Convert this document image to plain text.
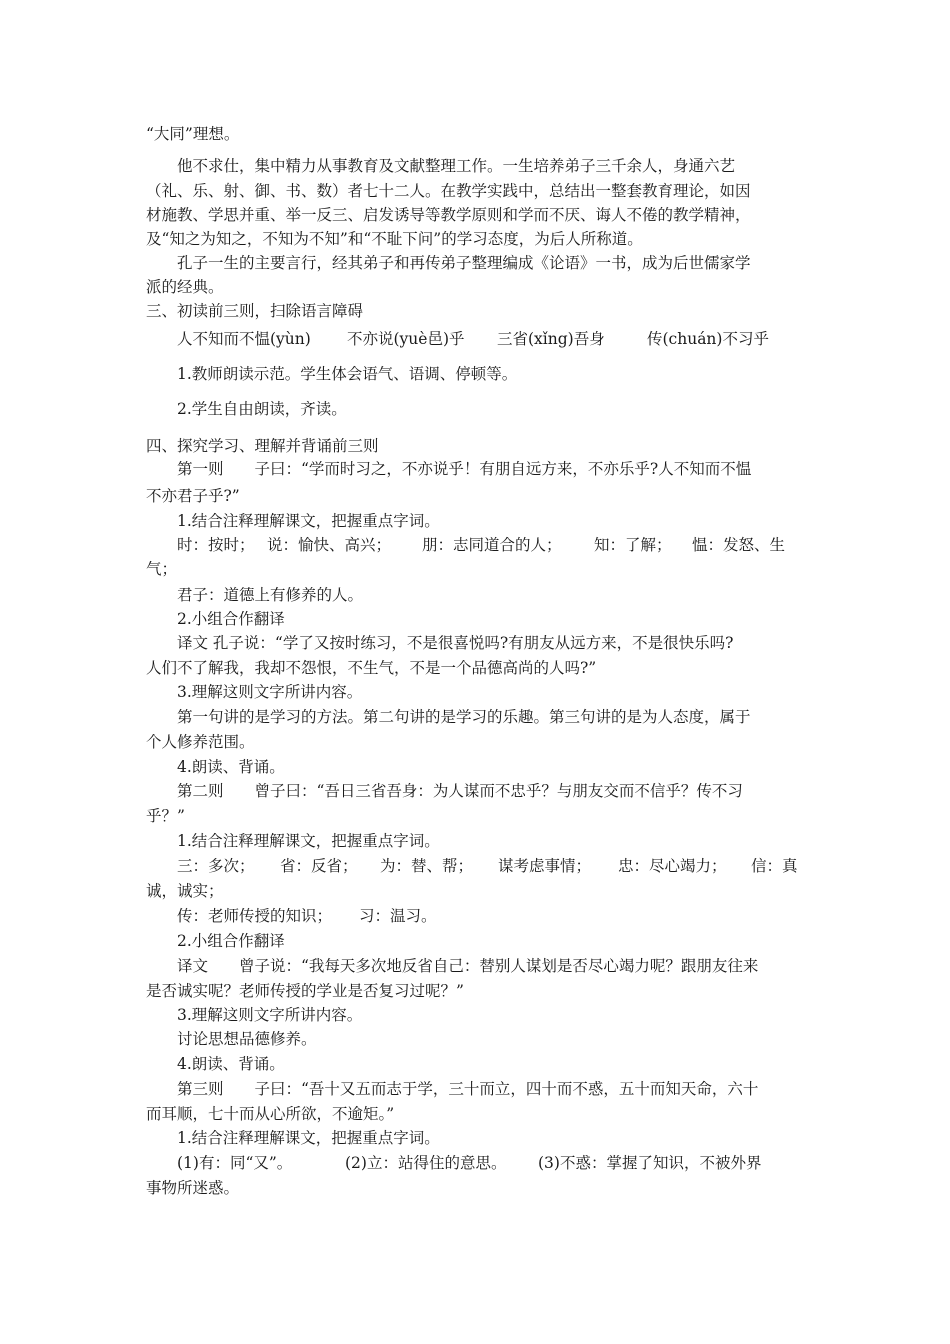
“大同”理想。
他不求仕，集中精力从事教育及文献整理工作。一生培养弟子三千余人，身通六艺
（礼、乐、射、御、书、数）者七十二人。在教学实践中，总结出一整套教育理论，如因
材施教、学思并重、举一反三、启发诱导等教学原则和学而不厌、诲人不倦的教学精神，
及“知之为知之，不知为不知”和“不耻下问”的学习态度，为后人所称道。
孔子一生的主要言行，经其弟子和再传弟子整理编成《论语》一书，成为后世儒家学
派的经典。
三、初读前三则，扫除语言障碍
人不知而不愠(yùn) 不亦说(yuè邑)乎 三省(xǐng)吾身	传(chuán)不习乎
1.教师朗读示范。学生体会语气、语调、停顿等。
2.学生自由朗读，齐读。
四、探究学习、理解并背诵前三则
第一则　　子曰：“学而时习之，不亦说乎！有朋自远方来，不亦乐乎?人不知而不愠
不亦君子乎?”
1.结合注释理解课文，把握重点字词。
时：按时； 说：愉快、高兴； 朋：志同道合的人； 知：了解； 愠：发怒、生
气；
君子：道德上有修养的人。
2.小组合作翻译
译文 孔子说：“学了又按时练习，不是很喜悦吗?有朋友从远方来，不是很快乐吗?
人们不了解我，我却不怨恨，不生气，不是一个品德高尚的人吗?”
3.理解这则文字所讲内容。
第一句讲的是学习的方法。第二句讲的是学习的乐趣。第三句讲的是为人态度，属于
个人修养范围。
4.朗读、背诵。
第二则　　曾子曰：“吾日三省吾身：为人谋而不忠乎？与朋友交而不信乎？传不习
乎？”
1.结合注释理解课文，把握重点字词。
三：多次； 省：反省； 为：替、帮； 谋考虑事情； 忠：尽心竭力； 信：真
诚，诚实；
传：老师传授的知识； 习：温习。
2.小组合作翻译
译文　　曾子说：“我每天多次地反省自己：替别人谋划是否尽心竭力呢？跟朋友往来
是否诚实呢？老师传授的学业是否复习过呢？”
3.理解这则文字所讲内容。
讨论思想品德修养。
4.朗读、背诵。
第三则　　子曰：“吾十又五而志于学，三十而立，四十而不惑，五十而知天命，六十
而耳顺，七十而从心所欲，不逾矩。”
1.结合注释理解课文，把握重点字词。
(1)有：同“又”。	(2)立：站得住的意思。 (3)不惑：掌握了知识，不被外界
事物所迷惑。
